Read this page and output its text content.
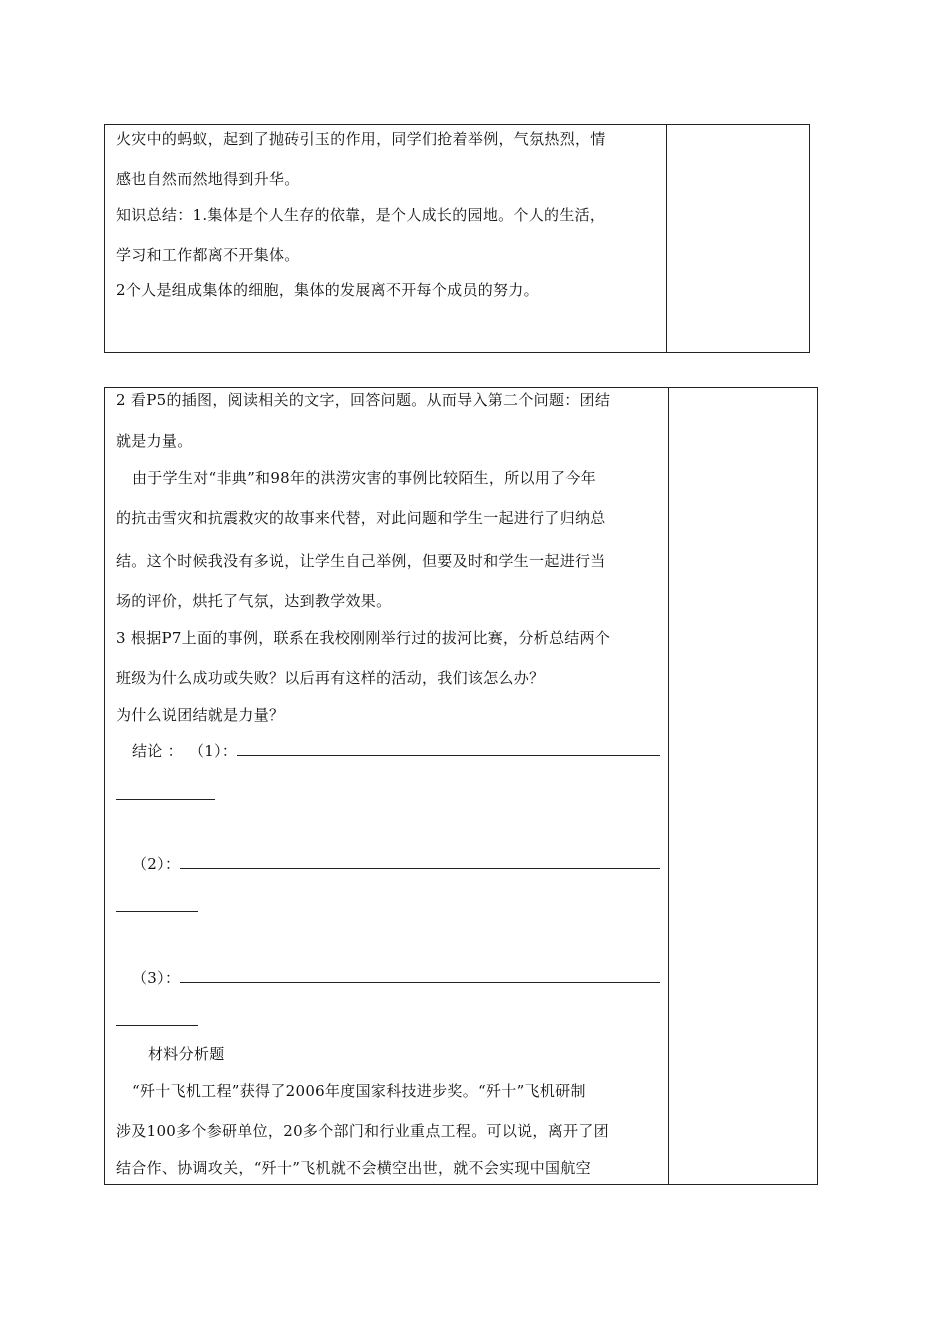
火灾中的蚂蚁，起到了抛砖引玉的作用，同学们抢着举例，气氛热烈，情
感也自然而然地得到升华。
知识总结：1.集体是个人生存的依靠，是个人成长的园地。个人的生活，
学习和工作都离不开集体。
2个人是组成集体的细胞，集体的发展离不开每个成员的努力。
2 看P5的插图，阅读相关的文字，回答问题。从而导入第二个问题：团结
就是力量。
由于学生对“非典”和98年的洪涝灾害的事例比较陌生，所以用了今年
的抗击雪灾和抗震救灾的故事来代替，对此问题和学生一起进行了归纳总
结。这个时候我没有多说，让学生自己举例，但要及时和学生一起进行当
场的评价，烘托了气氛，达到教学效果。
3 根据P7上面的事例，联系在我校刚刚举行过的拔河比赛，分析总结两个
班级为什么成功或失败？以后再有这样的活动，我们该怎么办？
为什么说团结就是力量？
结论 ： （1）：
（2）：
（3）：
材料分析题
“歼十飞机工程”获得了2006年度国家科技进步奖。“歼十”飞机研制
涉及100多个参研单位，20多个部门和行业重点工程。可以说，离开了团
结合作、协调攻关，“歼十”飞机就不会横空出世，就不会实现中国航空
